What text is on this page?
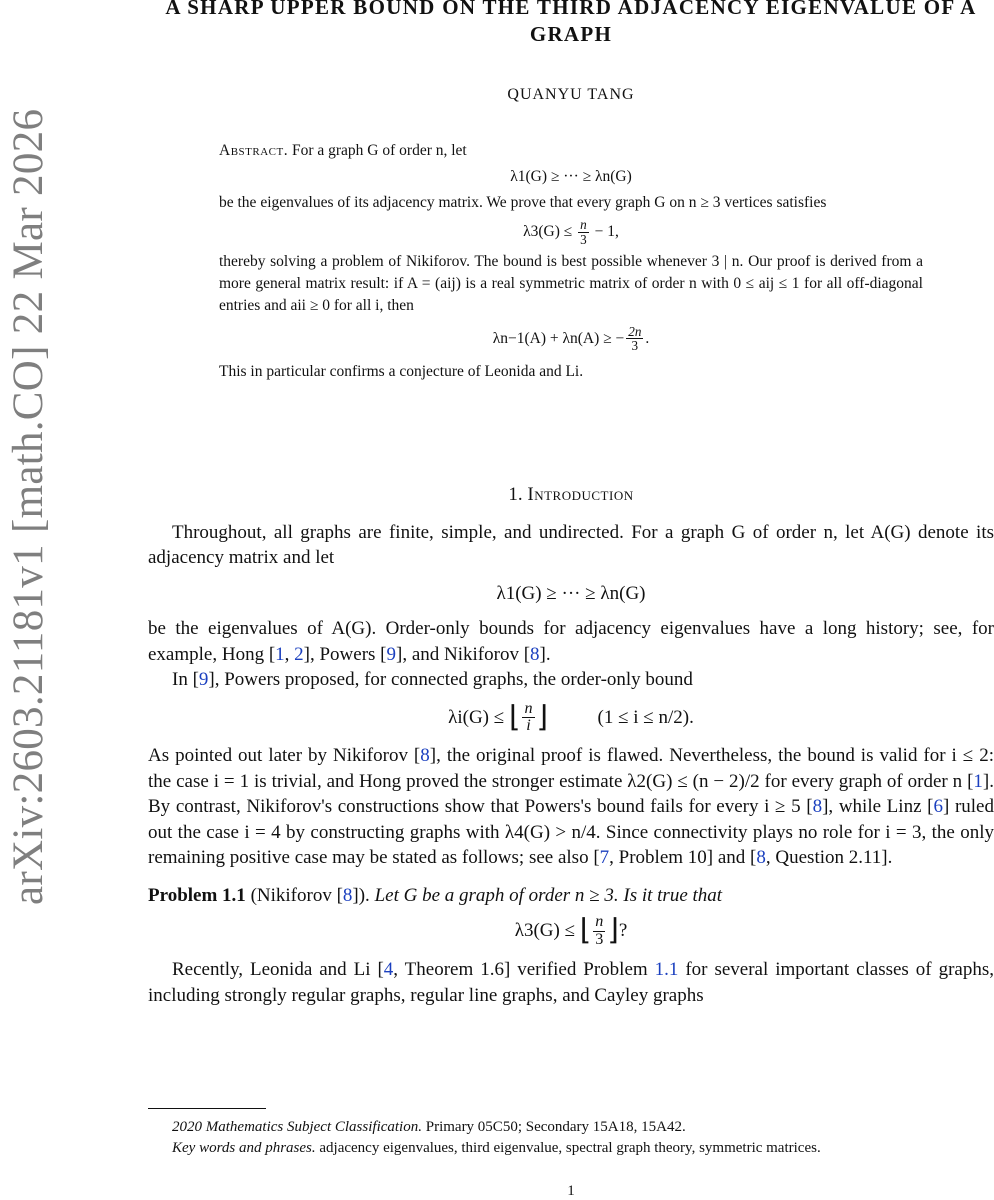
arXiv:2603.21181v1 [math.CO] 22 Mar 2026
A SHARP UPPER BOUND ON THE THIRD ADJACENCY EIGENVALUE OF A GRAPH
QUANYU TANG

Abstract. For a graph G of order n, let

λ1(G) ≥ ··· ≥ λn(G)

be the eigenvalues of its adjacency matrix. We prove that every graph G on n ≥ 3 vertices satisfies

$\lambda 3(G) \le \frac{n}{3} - 1$,

thereby solving a problem of Nikiforov. The bound is best possible whenever 3 | n. Our proof is derived from a more general matrix result: if A = (aij) is a real symmetric matrix of order n with 0 ≤ aij ≤ 1 for all off-diagonal entries and aii ≥ 0 for all i, then

λn−1(A) + λn(A) ≥ − $\frac{2n}{3}$ .

This in particular confirms a conjecture of Leonida and Li.

1. Introduction

Throughout, all graphs are finite, simple, and undirected. For a graph G of order n, let A(G) denote its adjacency matrix and let

λ1(G) ≥ ··· ≥ λn(G)

be the eigenvalues of A(G). Order-only bounds for adjacency eigenvalues have a long history; see, for example, Hong [1, 2], Powers [9], and Nikiforov [8].

In [9], Powers proposed, for connected graphs, the order-only bound

λi(G) ≤ ⌊ $\frac{n}{i}$ ⌋	(1 ≤ i ≤ n/2).

As pointed out later by Nikiforov [8], the original proof is flawed. Nevertheless, the bound is valid for i ≤ 2: the case i = 1 is trivial, and Hong proved the stronger estimate λ2(G) ≤ (n − 2)/2 for every graph of order n [1]. By contrast, Nikiforov's constructions show that Powers's bound fails for every i ≥ 5 [8], while Linz [6] ruled out the case i = 4 by constructing graphs with λ4(G) > n/4. Since connectivity plays no role for i = 3, the only remaining positive case may be stated as follows; see also [7, Problem 10] and [8, Question 2.11].

Problem 1.1 (Nikiforov [8]). Let G be a graph of order n ≥ 3. Is it true that

λ3(G) ≤ ⌊ $\frac{n}{3}$ ⌋?

Recently, Leonida and Li [4, Theorem 1.6] verified Problem 1.1 for several important classes of graphs, including strongly regular graphs, regular line graphs, and Cayley graphs

2020 Mathematics Subject Classification. Primary 05C50; Secondary 15A18, 15A42.

Key words and phrases. adjacency eigenvalues, third eigenvalue, spectral graph theory, symmetric matrices.

1
